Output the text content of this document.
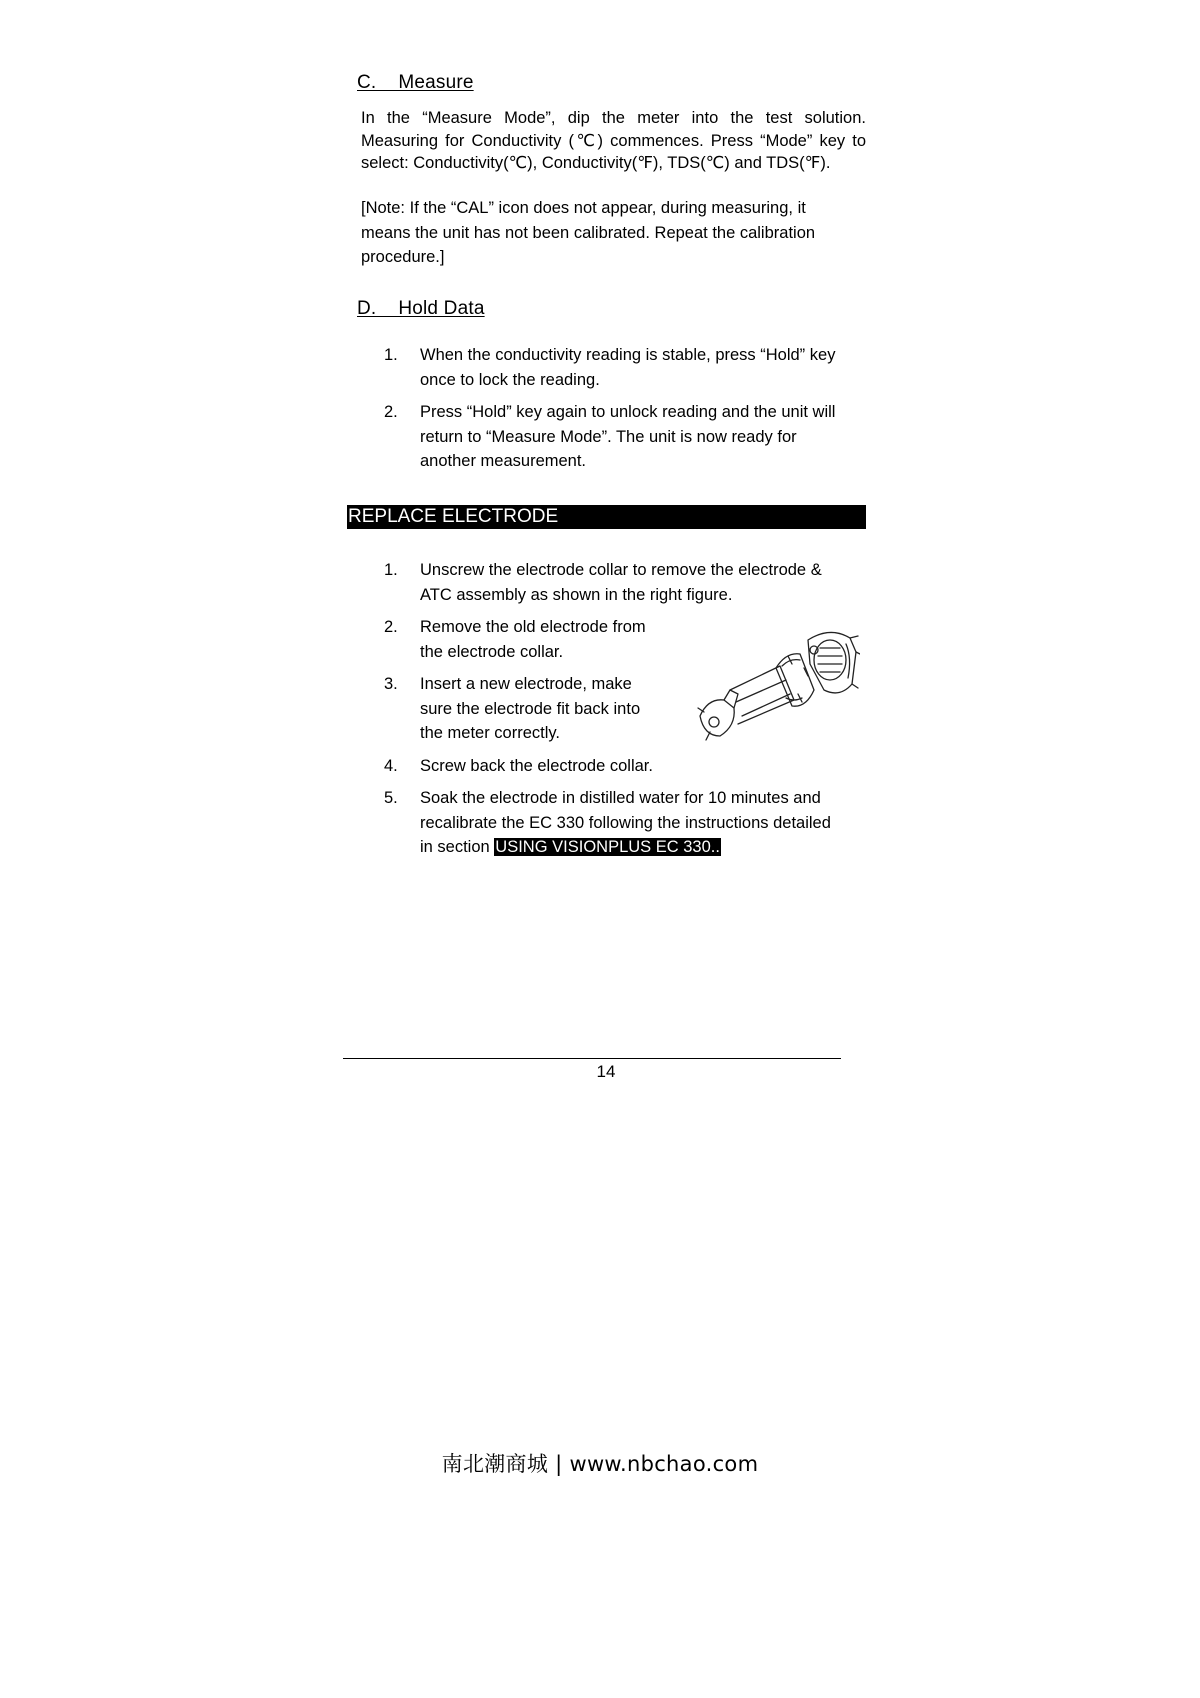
C.    Measure
In the “Measure Mode”, dip the meter into the test solution.
Measuring for Conductivity (℃) commences. Press “Mode” key to
select: Conductivity(℃), Conductivity(℉), TDS(℃) and TDS(℉).
[Note: If the “CAL” icon does not appear, during measuring, it
means the unit has not been calibrated. Repeat the calibration
procedure.]
D.    Hold Data
1. When the conductivity reading is stable, press “Hold” key
once to lock the reading.
2. Press “Hold” key again to unlock reading and the unit will
return to “Measure Mode”. The unit is now ready for
another measurement.
REPLACE ELECTRODE
1. Unscrew the electrode collar to remove the electrode &
ATC assembly as shown in the right figure.
2. Remove the old electrode from
the electrode collar.
3. Insert a new electrode, make
sure the electrode fit back into
the meter correctly.
4. Screw back the electrode collar.
5. Soak the electrode in distilled water for 10 minutes and
recalibrate the EC 330 following the instructions detailed
in section USING VISIONPLUS EC 330..
14
南北潮商城 | www.nbchao.com
